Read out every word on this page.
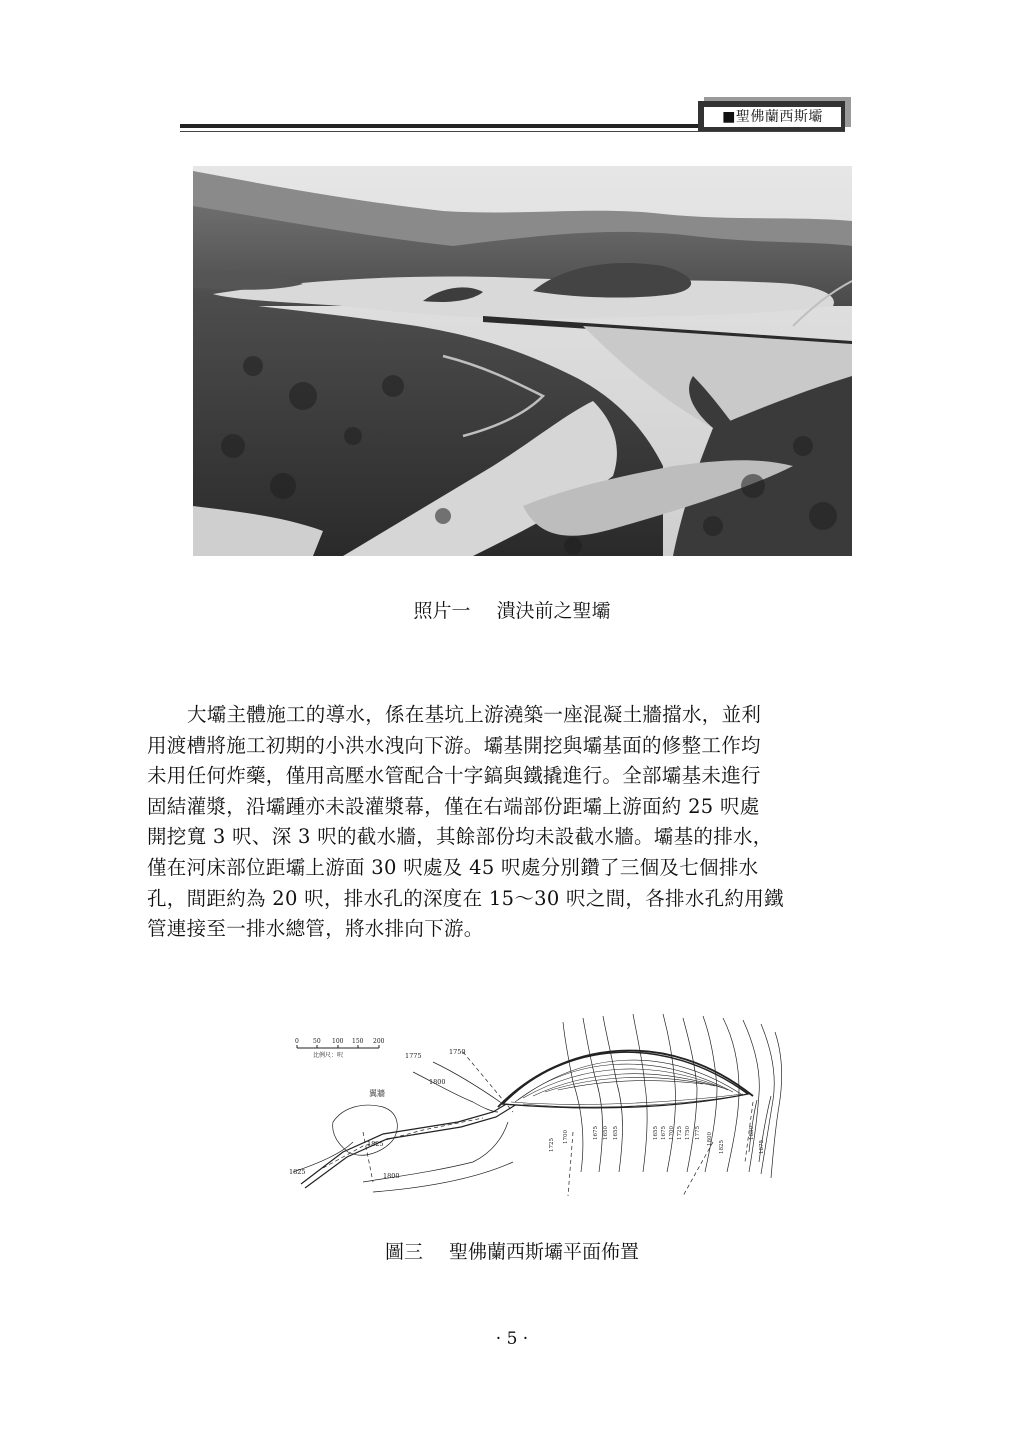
■聖佛蘭西斯壩
照片一 潰決前之聖壩
大壩主體施工的導水，係在基坑上游澆築一座混凝土牆擋水，並利
用渡槽將施工初期的小洪水洩向下游。壩基開挖與壩基面的修整工作均
未用任何炸藥，僅用高壓水管配合十字鎬與鐵撬進行。全部壩基未進行
固結灌漿，沿壩踵亦未設灌漿幕，僅在右端部份距壩上游面約 25 呎處
開挖寬 3 呎、深 3 呎的截水牆，其餘部份均未設截水牆。壩基的排水，
僅在河床部位距壩上游面 30 呎處及 45 呎處分別鑽了三個及七個排水
孔，間距約為 20 呎，排水孔的深度在 15～30 呎之間，各排水孔約用鐵
管連接至一排水總管，將水排向下游。
0 50 100 150 200
比例尺：呎	1775	1750
1800
翼牆
1825	1800
1825	1725
1700	1675 1650 1655	1655 1675 1700 1725 1750 1775 1800
1825
1850
1875
圖三 聖佛蘭西斯壩平面佈置
· 5 ·
